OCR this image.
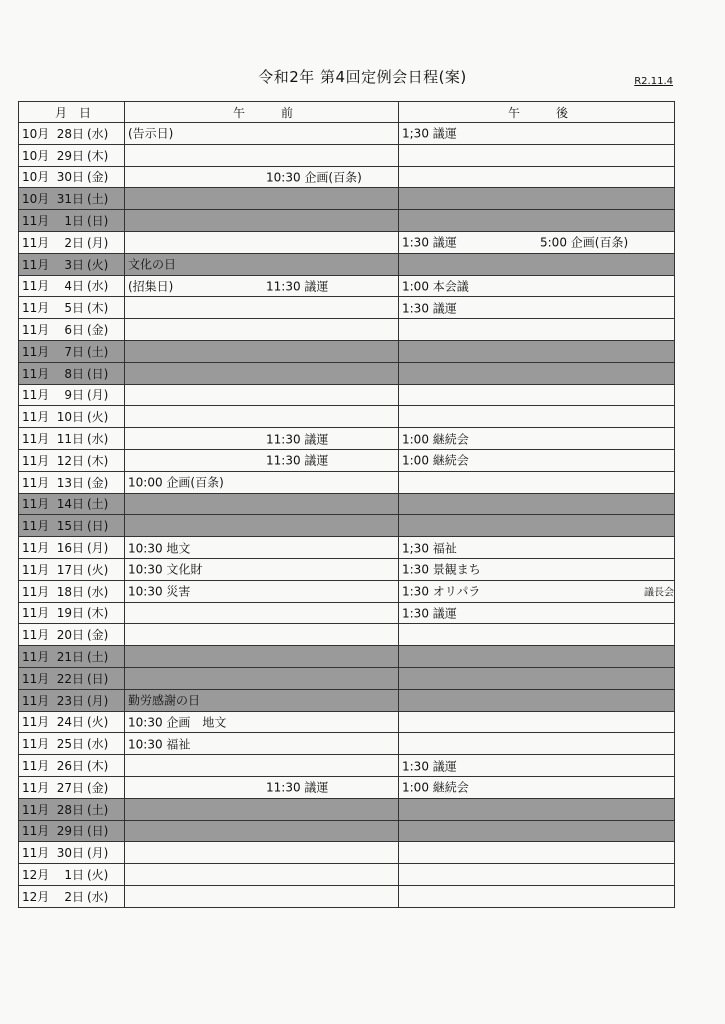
令和2年 第4回定例会日程(案)	R2.11.4
月　日	午　　　前	午　　　後
10月 28日 (水)	(告示日)	1;30 議運

10月 29日 (木)	

10月 30日 (金)	10:30 企画(百条)	

10月 31日 (土)	

11月 1日 (日)	

11月 2日 (月)		1:30 議運 5:00 企画(百条)

11月 3日 (火)	文化の日	

11月 4日 (水)	(招集日) 11:30 議運	1:00 本会議

11月 5日 (木)		1:30 議運

11月 6日 (金)	

11月 7日 (土)	

11月 8日 (日)	

11月 9日 (月)	

11月 10日 (火)	

11月 11日 (水)	11:30 議運	1:00 継続会

11月 12日 (木)	11:30 議運	1:00 継続会

11月 13日 (金)	10:00 企画(百条)	

11月 14日 (土)	

11月 15日 (日)	

11月 16日 (月)	10:30 地文	1;30 福祉

11月 17日 (火)	10:30 文化財	1:30 景観まち

11月 18日 (水)	10:30 災害	1:30 オリパラ 議長会

11月 19日 (木)		1:30 議運

11月 20日 (金)	

11月 21日 (土)	

11月 22日 (日)	

11月 23日 (月)	勤労感謝の日	

11月 24日 (火)	10:30 企画　地文	

11月 25日 (水)	10:30 福祉	

11月 26日 (木)		1:30 議運

11月 27日 (金)	11:30 議運	1:00 継続会

11月 28日 (土)	

11月 29日 (日)	

11月 30日 (月)	

12月 1日 (火)	

12月 2日 (水)	
